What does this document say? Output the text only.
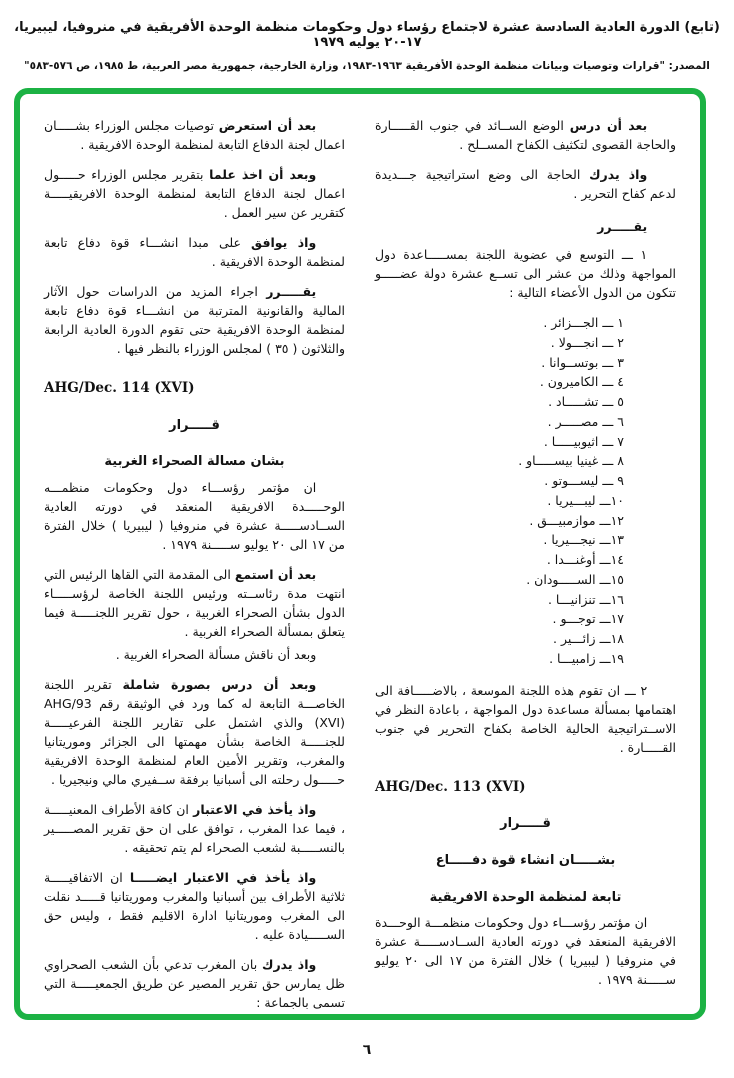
(تابع) الدورة العادية السادسة عشرة لاجتماع رؤساء دول وحكومات منظمة الوحدة الأفريقية في منروفيا، ليبيريا، ١٧-٢٠ يوليه ١٩٧٩
المصدر: "قرارات وتوصيات وبيانات منظمة الوحدة الأفريقية ١٩٦٣-١٩٨٣، وزارة الخارجية، جمهورية مصر العربية، ط ١٩٨٥، ص ٥٧٦-٥٨٣"

بعد أن درس الوضع الســائد في جنوب القـــــارة والحاجة القصوى لتكثيف الكفاح المســلح .

واذ يدرك الحاجة الى وضع استراتيجية جـــديدة لدعم كفاح التحرير .

يقـــــرر

١ ـــ التوسع في عضوية اللجنة بمســـــاعدة دول المواجهة وذلك من عشر الى تســع عشرة دولة عضـــــو تتكون من الدول الأعضاء التالية :

١ ـــ الجـــزائر .
٢ ـــ انجـــولا .
٣ ـــ بوتســوانا .
٤ ـــ الكاميرون .
٥ ـــ تشـــــاد .
٦ ـــ مصـــــر .
٧ ـــ اثيوبيـــــا .
٨ ـــ غينيا بيســـــاو .
٩ ـــ ليســـوتو .
١٠ـــ ليبـــيريا .
١٢ـــ موازمبيـــق .
١٣ـــ نيجـــيريا .
١٤ـــ أوغنـــدا .
١٥ـــ الســـــودان .
١٦ـــ تنزانيـــا .
١٧ـــ توجـــو .
١٨ـــ زائـــير .
١٩ـــ زامبيـــا .

٢ ـــ ان تقوم هذه اللجنة الموسعة ، بالاضـــــافة الى اهتمامها بمسألة مساعدة دول المواجهة ، باعادة النظر في الاســتراتيجية الحالية الخاصة بكفاح التحرير في جنوب القـــــارة .

AHG/Dec. 113 (XVI)

قـــــرار

بشـــــان انشاء قوة دفـــــاع

تابعة لمنظمة الوحدة الافريقية

ان مؤتمر رؤســـاء دول وحكومات منظمـــة الوحـــدة الافريقية المنعقد في دورته العادية الســادســـــة عشرة في منروفيا ( ليبيريا ) خلال الفترة من ١٧ الى ٢٠ يوليو ســـــنة ١٩٧٩ .

بعد أن استعرض توصيات مجلس الوزراء بشـــــان اعمال لجنة الدفاع التابعة لمنظمة الوحدة الافريقية .

وبعد أن اخذ علما بتقرير مجلس الوزراء حـــــول اعمال لجنة الدفاع التابعة لمنظمة الوحدة الافريقيـــــة كتقرير عن سير العمل .

واذ يوافق على مبدا انشـــاء قوة دفاع تابعة لمنظمة الوحدة الافريقية .

يقـــــرر اجراء المزيد من الدراسات حول الآثار المالية والقانونية المترتبة من انشـــاء قوة دفاع تابعة لمنظمة الوحدة الافريقية حتى تقوم الدورة العادية الرابعة والثلاثون ( ٣٥ ) لمجلس الوزراء بالنظر فيها .

AHG/Dec. 114 (XVI)

قـــــرار

بشان مسالة الصحراء الغربية

ان مؤتمر رؤســـاء دول وحكومات منظمـــه الوحـــــدة الافريقية المنعقد في دورته العادية الســادســـــة عشرة في منروفيا ( ليبيريا ) خلال الفترة من ١٧ الى ٢٠ يوليو ســـــنة ١٩٧٩ .

بعد أن استمع الى المقدمة التي القاها الرئيس التي انتهت مدة رئاســته ورئيس اللجنة الخاصة لرؤســـــاء الدول بشأن الصحراء الغربية ، حول تقرير اللجنـــــة فيما يتعلق بمسألة الصحراء الغربية .

وبعد أن ناقش مسألة الصحراء الغربية .

وبعد أن درس بصورة شاملة تقرير اللجنة الخاصـــة التابعة له كما ورد في الوثيقة رقم ‎AHG/93 (XVI)‏ والذي اشتمل على تقارير اللجنة الفرعيـــــة للجنـــــة الخاصة بشأن مهمتها الى الجزائر وموريتانيا والمغرب، وتقرير الأمين العام لمنظمة الوحدة الافريقية حـــــول رحلته الى أسبانيا برفقة ســفيري مالي ونيجيريا .

واذ يأخذ في الاعتبار ان كافة الأطراف المعنيـــــة ، فيما عدا المغرب ، توافق على ان حق تقرير المصـــــير بالنســـــبة لشعب الصحراء لم يتم تحقيقه .

واذ يأخذ في الاعتبار ايضـــــا ان الاتفاقيـــــة ثلاثية الأطراف بين أسبانيا والمغرب وموريتانيا قـــــد نقلت الى المغرب وموريتانيا ادارة الاقليم فقط ، وليس حق الســـــيادة عليه .

واذ يدرك بان المغرب تدعي بأن الشعب الصحراوي ظل يمارس حق تقرير المصير عن طريق الجمعيـــــة التي تسمى بالجماعة :

٦
